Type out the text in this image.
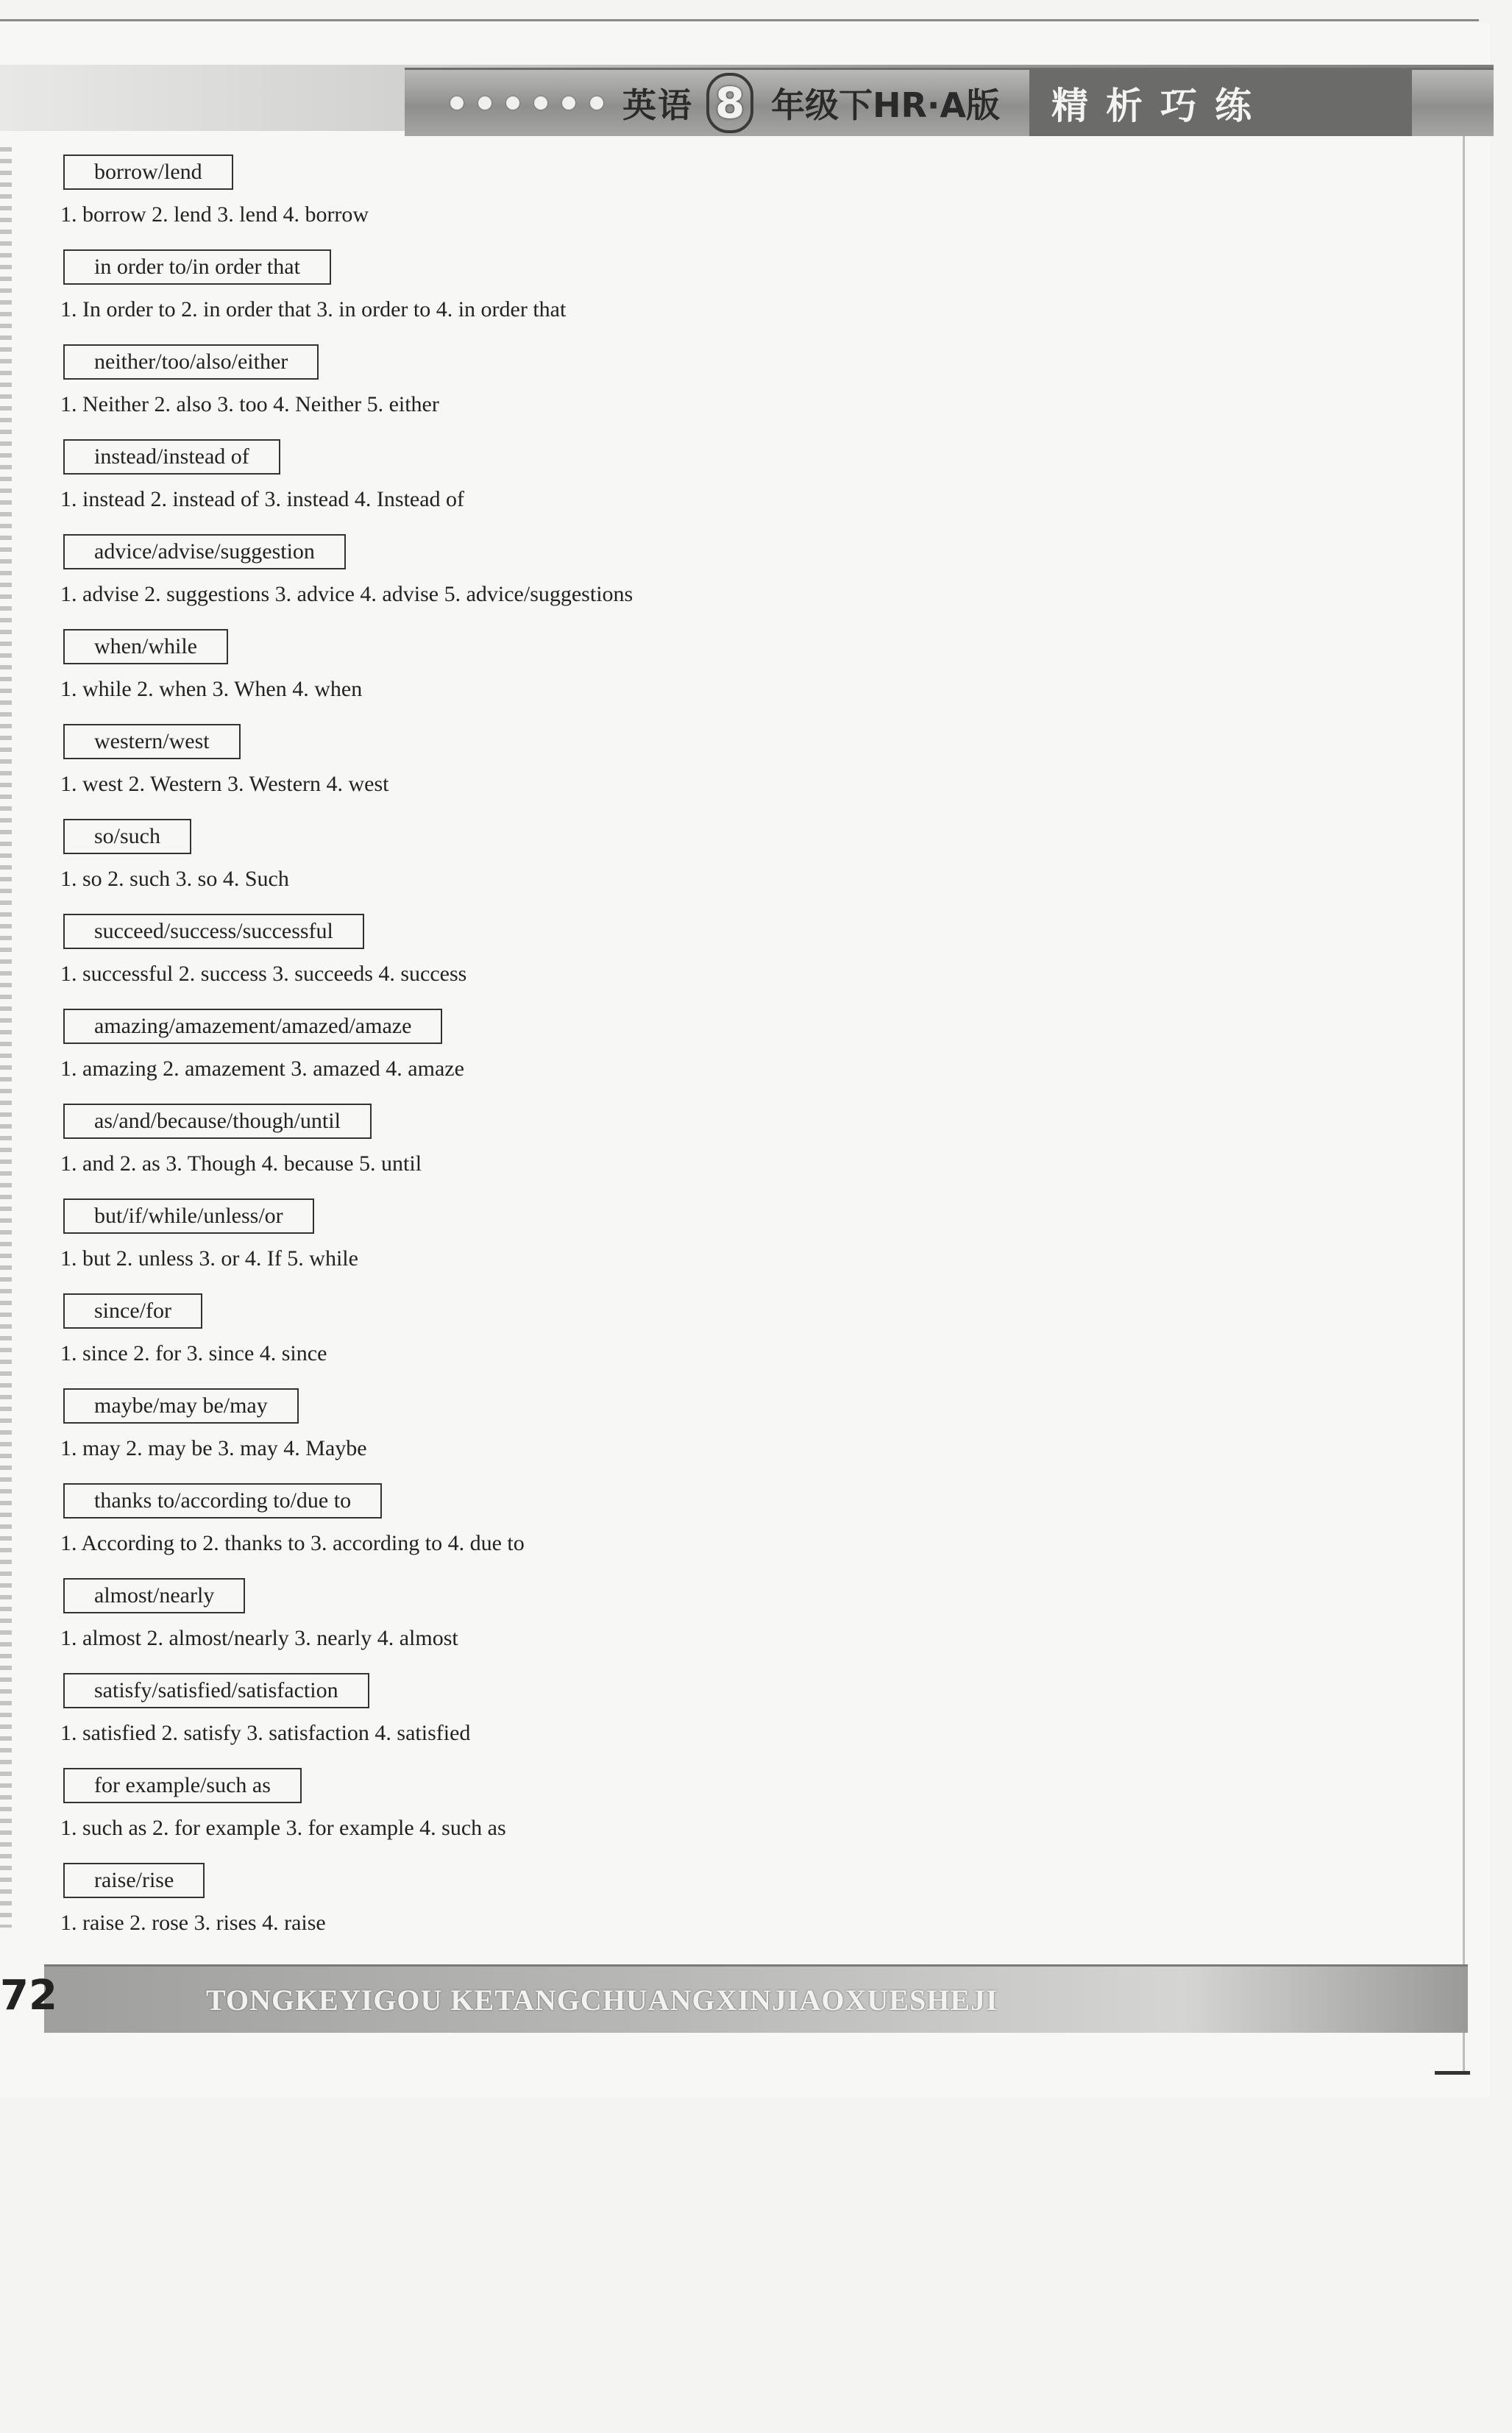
英语 8 年级下HR·A版	精析巧练
borrow/lend
1. borrow 2. lend 3. lend 4. borrow
in order to/in order that
1. In order to 2. in order that 3. in order to 4. in order that
neither/too/also/either
1. Neither 2. also 3. too 4. Neither 5. either
instead/instead of
1. instead 2. instead of 3. instead 4. Instead of
advice/advise/suggestion
1. advise 2. suggestions 3. advice 4. advise 5. advice/suggestions
when/while
1. while 2. when 3. When 4. when
western/west
1. west 2. Western 3. Western 4. west
so/such
1. so 2. such 3. so 4. Such
succeed/success/successful
1. successful 2. success 3. succeeds 4. success
amazing/amazement/amazed/amaze
1. amazing 2. amazement 3. amazed 4. amaze
as/and/because/though/until
1. and 2. as 3. Though 4. because 5. until
but/if/while/unless/or
1. but 2. unless 3. or 4. If 5. while
since/for
1. since 2. for 3. since 4. since
maybe/may be/may
1. may 2. may be 3. may 4. Maybe
thanks to/according to/due to
1. According to 2. thanks to 3. according to 4. due to
almost/nearly
1. almost 2. almost/nearly 3. nearly 4. almost
satisfy/satisfied/satisfaction
1. satisfied 2. satisfy 3. satisfaction 4. satisfied
for example/such as
1. such as 2. for example 3. for example 4. such as
raise/rise
1. raise 2. rose 3. rises 4. raise
TONGKEYIGOU KETANGCHUANGXINJIAOXUESHEJI
72
